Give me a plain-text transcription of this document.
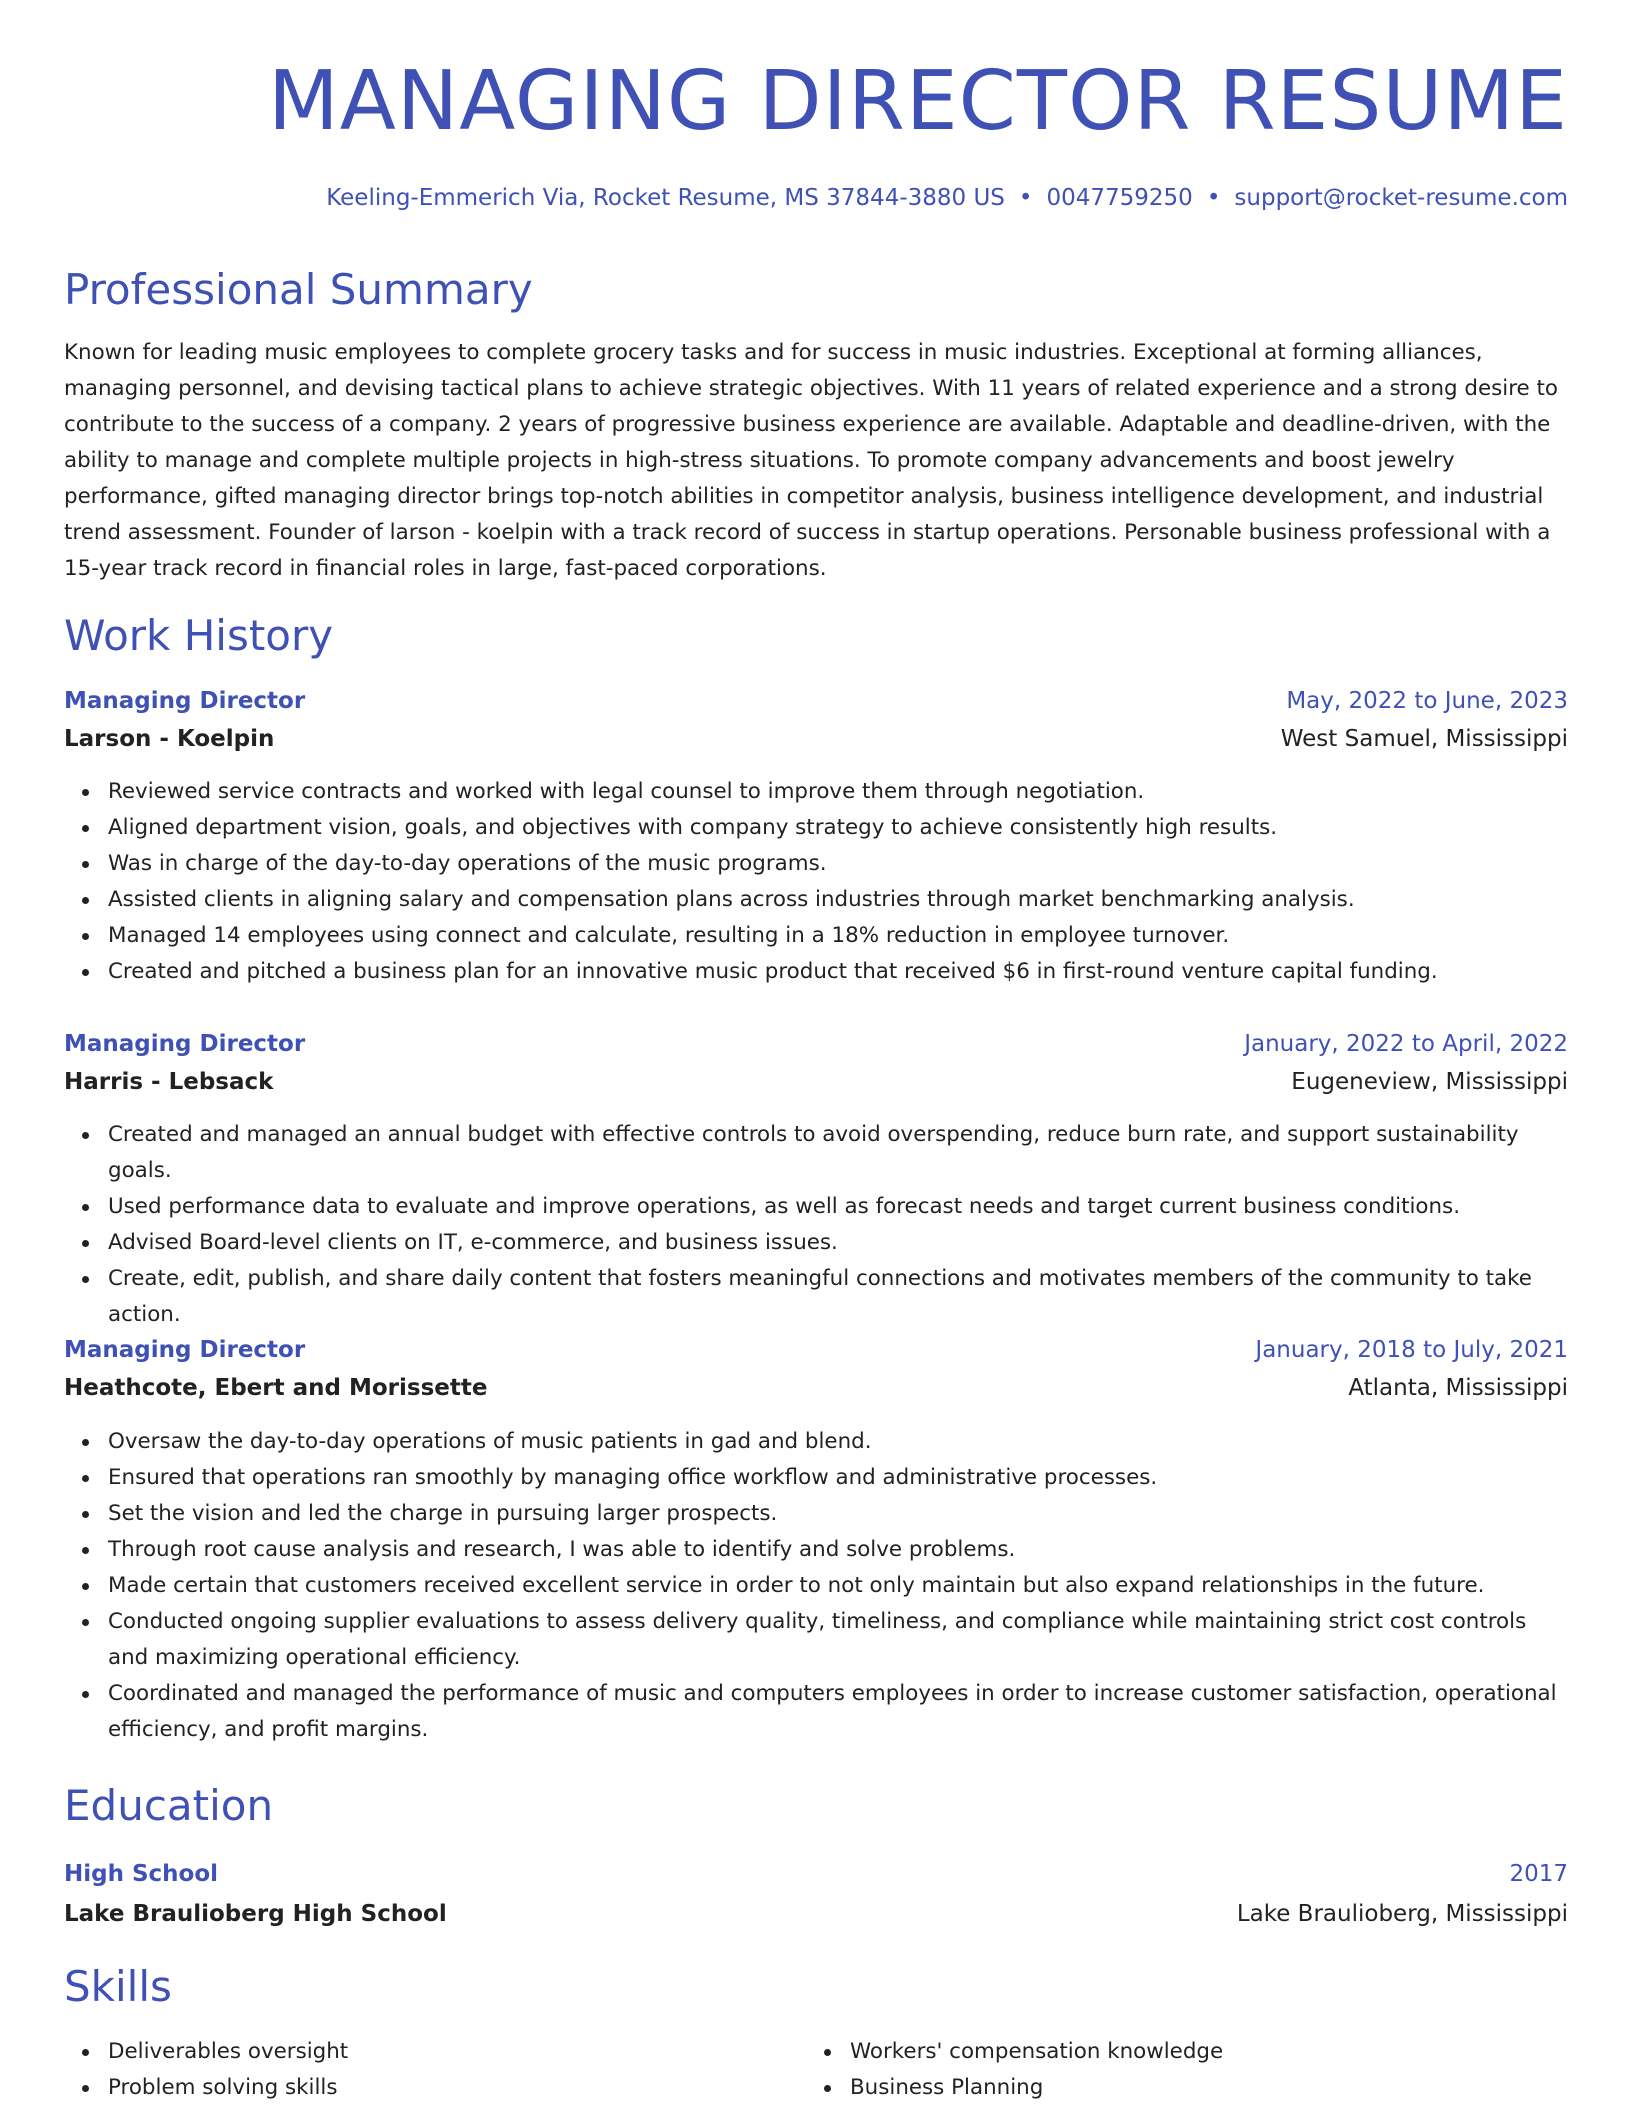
MANAGING DIRECTOR RESUME
Keeling-Emmerich Via, Rocket Resume, MS 37844-3880 US • 0047759250 • support@rocket-resume.com
Professional Summary

Known for leading music employees to complete grocery tasks and for success in music industries. Exceptional at forming alliances, managing personnel, and devising tactical plans to achieve strategic objectives. With 11 years of related experience and a strong desire to contribute to the success of a company. 2 years of progressive business experience are available. Adaptable and deadline-driven, with the ability to manage and complete multiple projects in high-stress situations. To promote company advancements and boost jewelry performance, gifted managing director brings top-notch abilities in competitor analysis, business intelligence development, and industrial trend assessment. Founder of larson - koelpin with a track record of success in startup operations. Personable business professional with a 15-year track record in financial roles in large, fast-paced corporations.

Work History
Managing Director	May, 2022 to June, 2023
Larson - Koelpin	West Samuel, Mississippi
Reviewed service contracts and worked with legal counsel to improve them through negotiation.
Aligned department vision, goals, and objectives with company strategy to achieve consistently high results.
Was in charge of the day-to-day operations of the music programs.
Assisted clients in aligning salary and compensation plans across industries through market benchmarking analysis.
Managed 14 employees using connect and calculate, resulting in a 18% reduction in employee turnover.
Created and pitched a business plan for an innovative music product that received $6 in first-round venture capital funding.
Managing Director	January, 2022 to April, 2022
Harris - Lebsack	Eugeneview, Mississippi
Created and managed an annual budget with effective controls to avoid overspending, reduce burn rate, and support sustainability goals.
Used performance data to evaluate and improve operations, as well as forecast needs and target current business conditions.
Advised Board-level clients on IT, e-commerce, and business issues.
Create, edit, publish, and share daily content that fosters meaningful connections and motivates members of the community to take action.
Managing Director	January, 2018 to July, 2021
Heathcote, Ebert and Morissette	Atlanta, Mississippi
Oversaw the day-to-day operations of music patients in gad and blend.
Ensured that operations ran smoothly by managing office workflow and administrative processes.
Set the vision and led the charge in pursuing larger prospects.
Through root cause analysis and research, I was able to identify and solve problems.
Made certain that customers received excellent service in order to not only maintain but also expand relationships in the future.
Conducted ongoing supplier evaluations to assess delivery quality, timeliness, and compliance while maintaining strict cost controls and maximizing operational efficiency.
Coordinated and managed the performance of music and computers employees in order to increase customer satisfaction, operational efficiency, and profit margins.
Education
High School	2017
Lake Braulioberg High School	Lake Braulioberg, Mississippi
Skills
Deliverables oversight
Problem solving skills
Workers' compensation knowledge
Business Planning
